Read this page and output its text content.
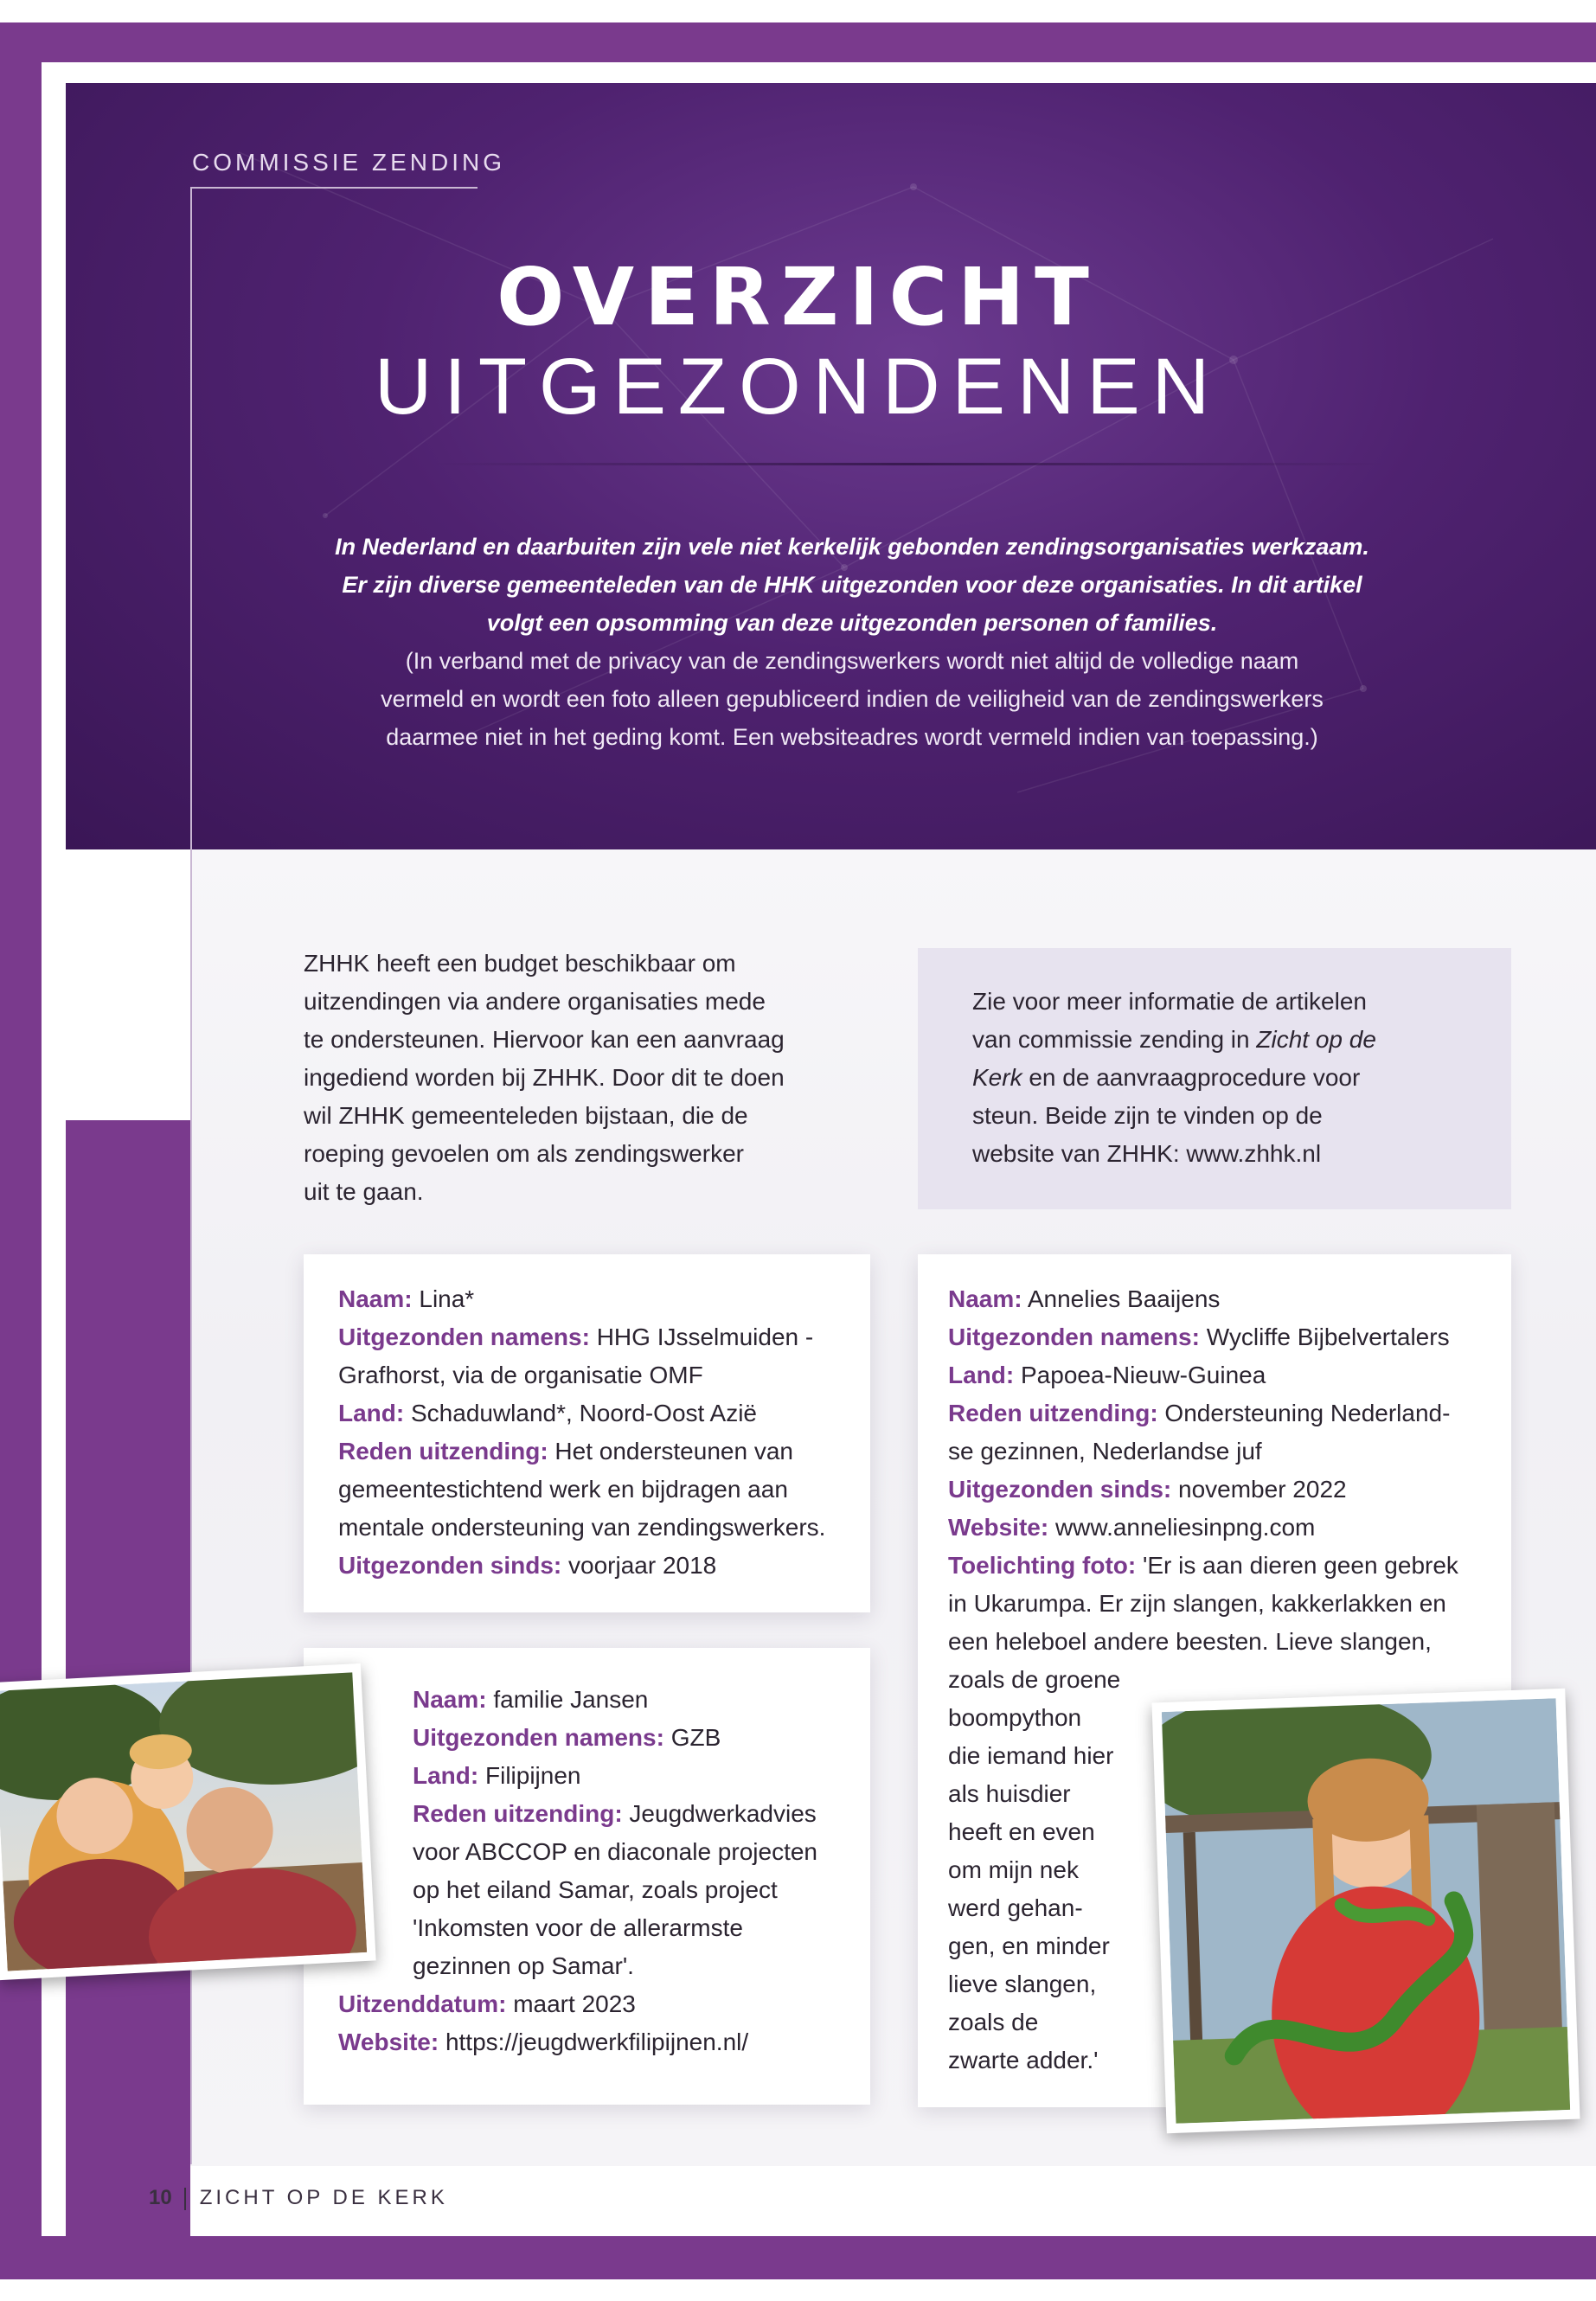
COMMISSIE ZENDING
OVERZICHT
UITGEZONDENEN
In Nederland en daarbuiten zijn vele niet kerkelijk gebonden zendingsorganisaties werkzaam.
Er zijn diverse gemeenteleden van de HHK uitgezonden voor deze organisaties. In dit artikel
volgt een opsomming van deze uitgezonden personen of families.
(In verband met de privacy van de zendingswerkers wordt niet altijd de volledige naam
vermeld en wordt een foto alleen gepubliceerd indien de veiligheid van de zendingswerkers
daarmee niet in het geding komt. Een websiteadres wordt vermeld indien van toepassing.)
ZHHK heeft een budget beschikbaar om
uitzendingen via andere organisaties mede
te ondersteunen. Hiervoor kan een aanvraag
ingediend worden bij ZHHK. Door dit te doen
wil ZHHK gemeenteleden bijstaan, die de
roeping gevoelen om als zendingswerker
uit te gaan.
Zie voor meer informatie de artikelen
van commissie zending in Zicht op de
Kerk en de aanvraagprocedure voor
steun. Beide zijn te vinden op de
website van ZHHK: www.zhhk.nl
Naam: Lina*
Uitgezonden namens: HHG IJsselmuiden -
Grafhorst, via de organisatie OMF
Land: Schaduwland*, Noord-Oost Azië
Reden uitzending: Het ondersteunen van
gemeentestichtend werk en bijdragen aan
mentale ondersteuning van zendingswerkers.
Uitgezonden sinds: voorjaar 2018
Naam: familie Jansen
Uitgezonden namens: GZB
Land: Filipijnen
Reden uitzending: Jeugdwerkadvies
voor ABCCOP en diaconale projecten
op het eiland Samar, zoals project
'Inkomsten voor de allerarmste
gezinnen op Samar'.
Uitzenddatum: maart 2023
Website: https://jeugdwerkfilipijnen.nl/
Naam: Annelies Baaijens
Uitgezonden namens: Wycliffe Bijbelvertalers
Land: Papoea-Nieuw-Guinea
Reden uitzending: Ondersteuning Nederland-
se gezinnen, Nederlandse juf
Uitgezonden sinds: november 2022
Website: www.anneliesinpng.com
Toelichting foto: 'Er is aan dieren geen gebrek
in Ukarumpa. Er zijn slangen, kakkerlakken en
een heleboel andere beesten. Lieve slangen,
zoals de groene
boompython
die iemand hier
als huisdier
heeft en even
om mijn nek
werd gehan-
gen, en minder
lieve slangen,
zoals de
zwarte adder.'
10 ZICHT OP DE KERK
